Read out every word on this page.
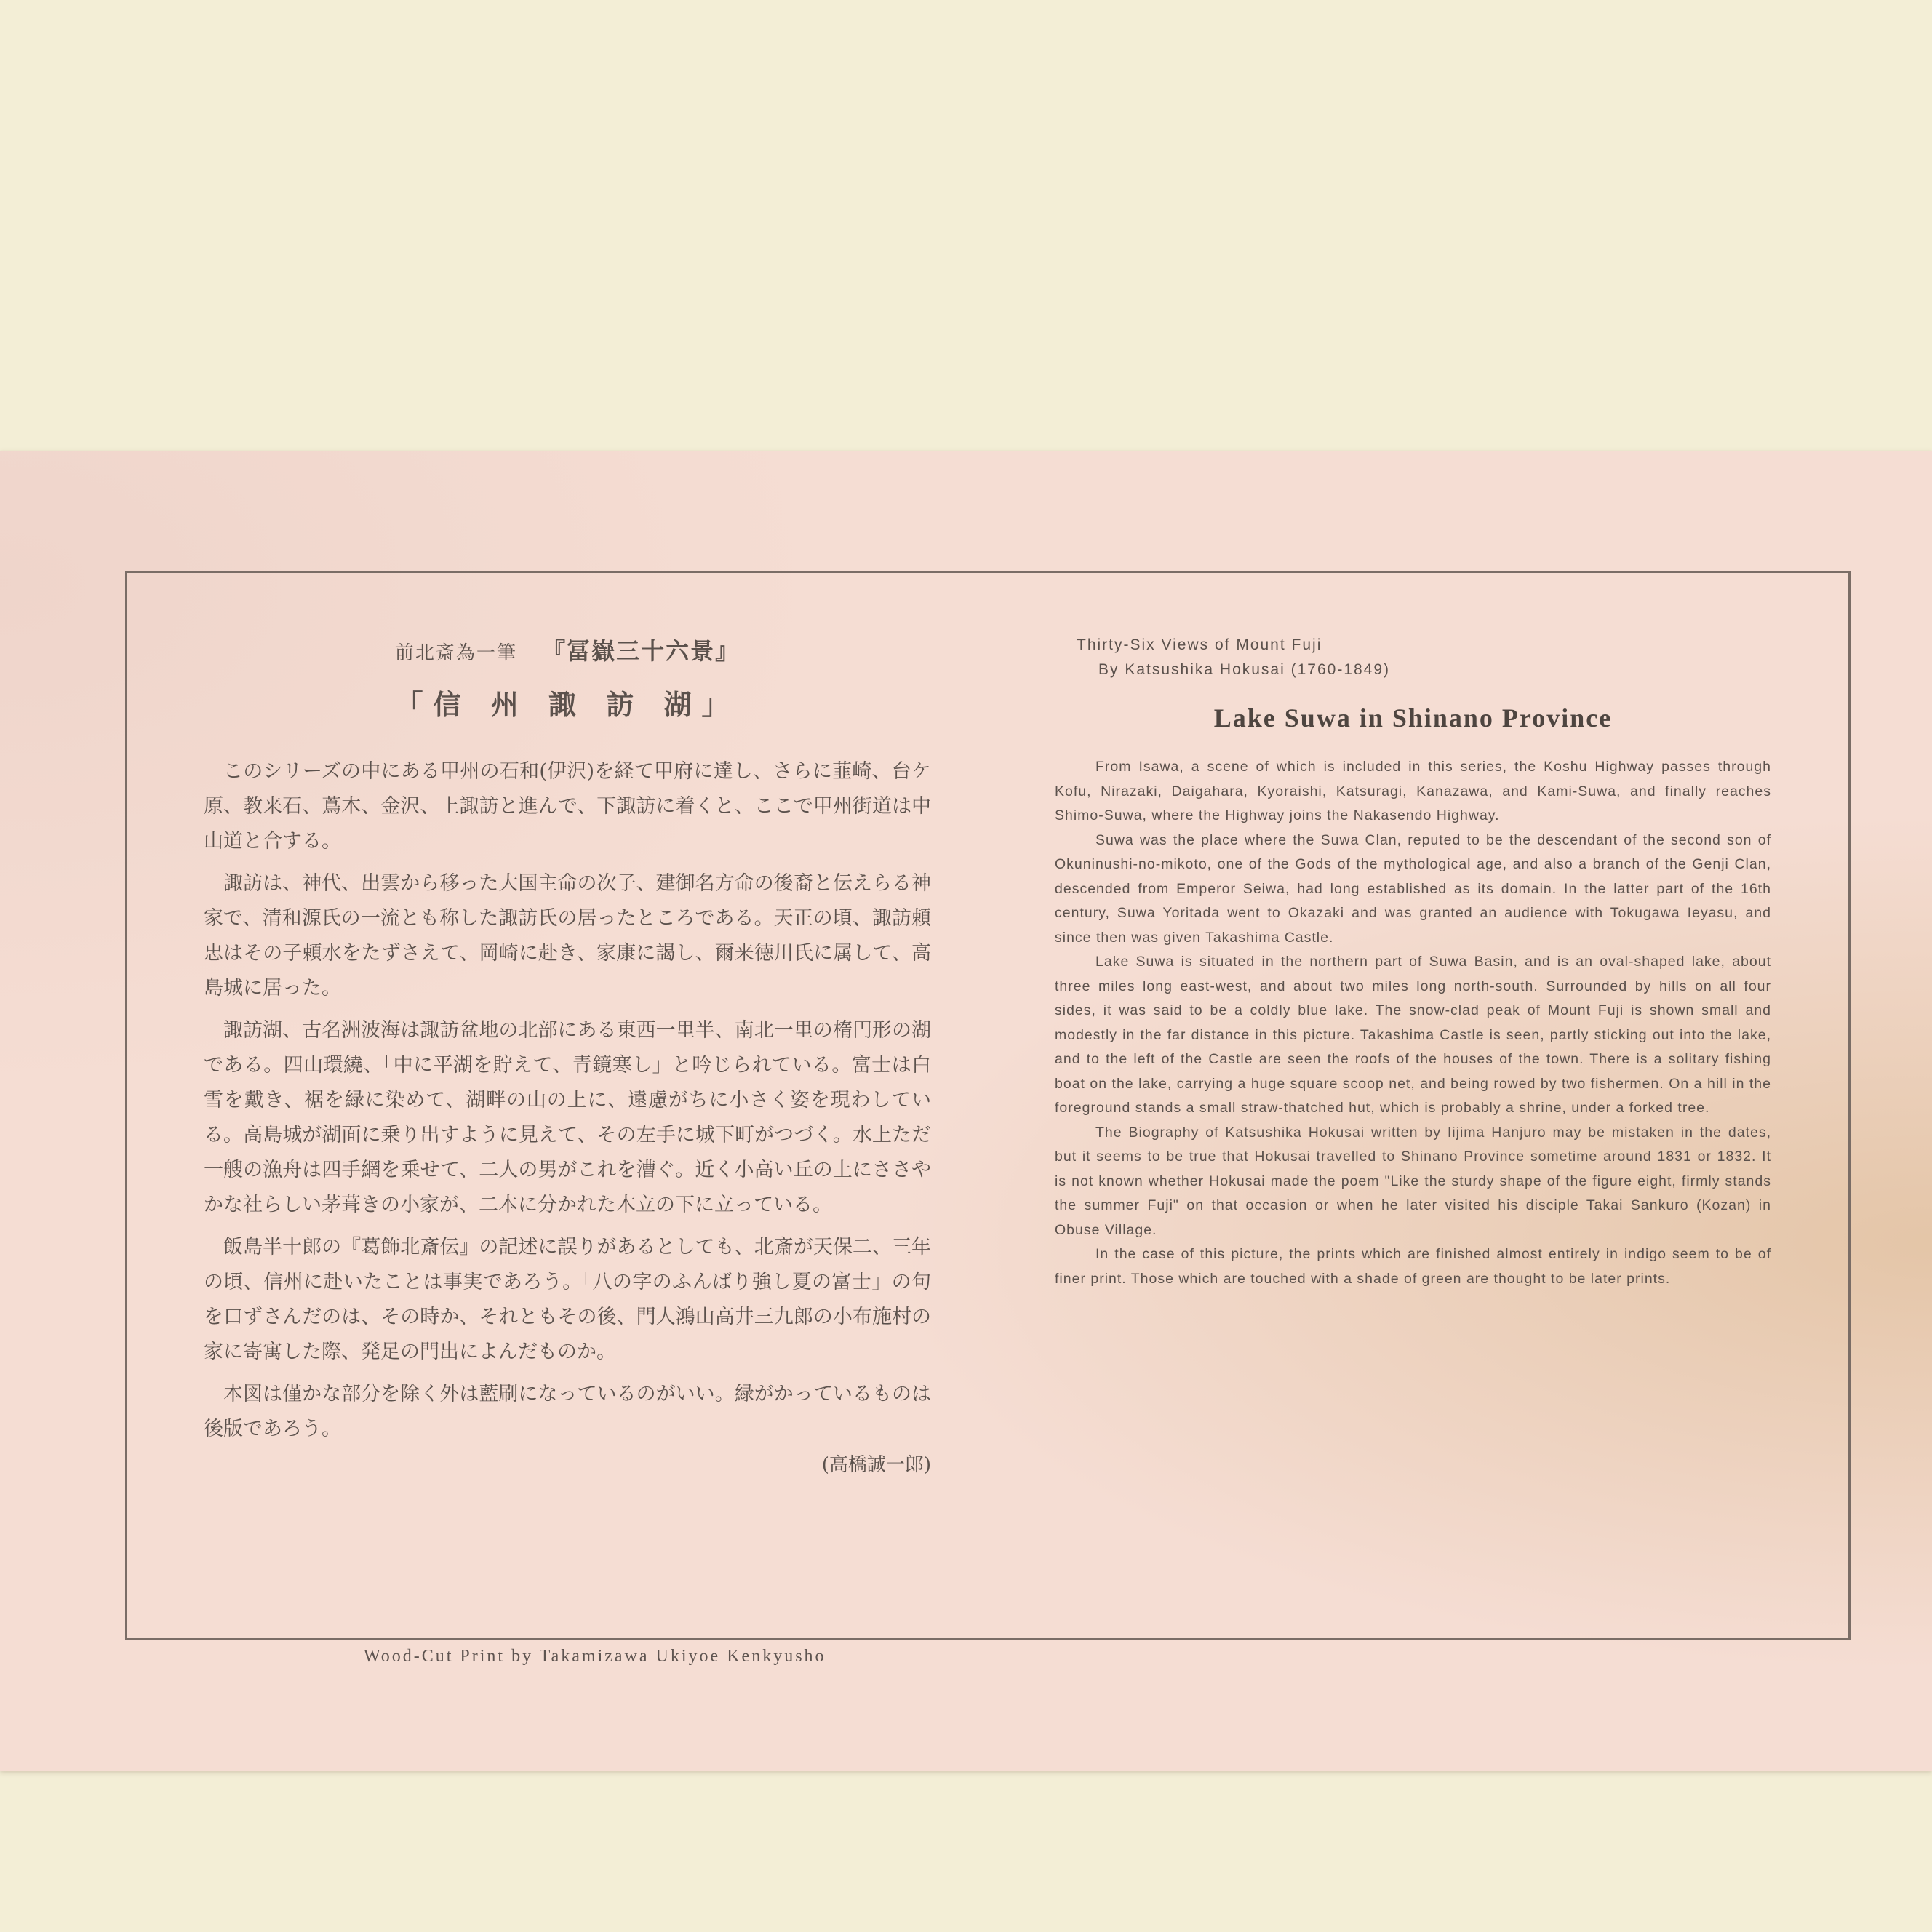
前北斎為一筆 『冨嶽三十六景』
「信 州 諏 訪 湖」

このシリーズの中にある甲州の石和(伊沢)を経て甲府に達し、さらに韮崎、台ケ原、教来石、蔦木、金沢、上諏訪と進んで、下諏訪に着くと、ここで甲州街道は中山道と合する。

諏訪は、神代、出雲から移った大国主命の次子、建御名方命の後裔と伝えらる神家で、清和源氏の一流とも称した諏訪氏の居ったところである。天正の頃、諏訪頼忠はその子頼水をたずさえて、岡崎に赴き、家康に謁し、爾来徳川氏に属して、高島城に居った。

諏訪湖、古名洲波海は諏訪盆地の北部にある東西一里半、南北一里の楕円形の湖である。四山環繞、「中に平湖を貯えて、青鏡寒し」と吟じられている。富士は白雪を戴き、裾を緑に染めて、湖畔の山の上に、遠慮がちに小さく姿を現わしている。高島城が湖面に乗り出すように見えて、その左手に城下町がつづく。水上ただ一艘の漁舟は四手網を乗せて、二人の男がこれを漕ぐ。近く小高い丘の上にささやかな社らしい茅葺きの小家が、二本に分かれた木立の下に立っている。

飯島半十郎の『葛飾北斎伝』の記述に誤りがあるとしても、北斎が天保二、三年の頃、信州に赴いたことは事実であろう。「八の字のふんばり強し夏の富士」の句を口ずさんだのは、その時か、それともその後、門人鴻山高井三九郎の小布施村の家に寄寓した際、発足の門出によんだものか。

本図は僅かな部分を除く外は藍刷になっているのがいい。緑がかっているものは後版であろう。

(高橋誠一郎)
Thirty-Six Views of Mount Fuji
By Katsushika Hokusai (1760-1849)
Lake Suwa in Shinano Province

From Isawa, a scene of which is included in this series, the Koshu Highway passes through Kofu, Nirazaki, Daigahara, Kyoraishi, Katsuragi, Kanazawa, and Kami-Suwa, and finally reaches Shimo-Suwa, where the Highway joins the Nakasendo Highway.

Suwa was the place where the Suwa Clan, reputed to be the descendant of the second son of Okuninushi-no-mikoto, one of the Gods of the mythological age, and also a branch of the Genji Clan, descended from Emperor Seiwa, had long established as its domain. In the latter part of the 16th century, Suwa Yoritada went to Okazaki and was granted an audience with Tokugawa Ieyasu, and since then was given Takashima Castle.

Lake Suwa is situated in the northern part of Suwa Basin, and is an oval-shaped lake, about three miles long east-west, and about two miles long north-south. Surrounded by hills on all four sides, it was said to be a coldly blue lake. The snow-clad peak of Mount Fuji is shown small and modestly in the far distance in this picture. Takashima Castle is seen, partly sticking out into the lake, and to the left of the Castle are seen the roofs of the houses of the town. There is a solitary fishing boat on the lake, carrying a huge square scoop net, and being rowed by two fishermen. On a hill in the foreground stands a small straw-thatched hut, which is probably a shrine, under a forked tree.

The Biography of Katsushika Hokusai written by Iijima Hanjuro may be mistaken in the dates, but it seems to be true that Hokusai travelled to Shinano Province sometime around 1831 or 1832. It is not known whether Hokusai made the poem "Like the sturdy shape of the figure eight, firmly stands the summer Fuji" on that occasion or when he later visited his disciple Takai Sankuro (Kozan) in Obuse Village.

In the case of this picture, the prints which are finished almost entirely in indigo seem to be of finer print. Those which are touched with a shade of green are thought to be later prints.

Wood-Cut Print by Takamizawa Ukiyoe Kenkyusho
